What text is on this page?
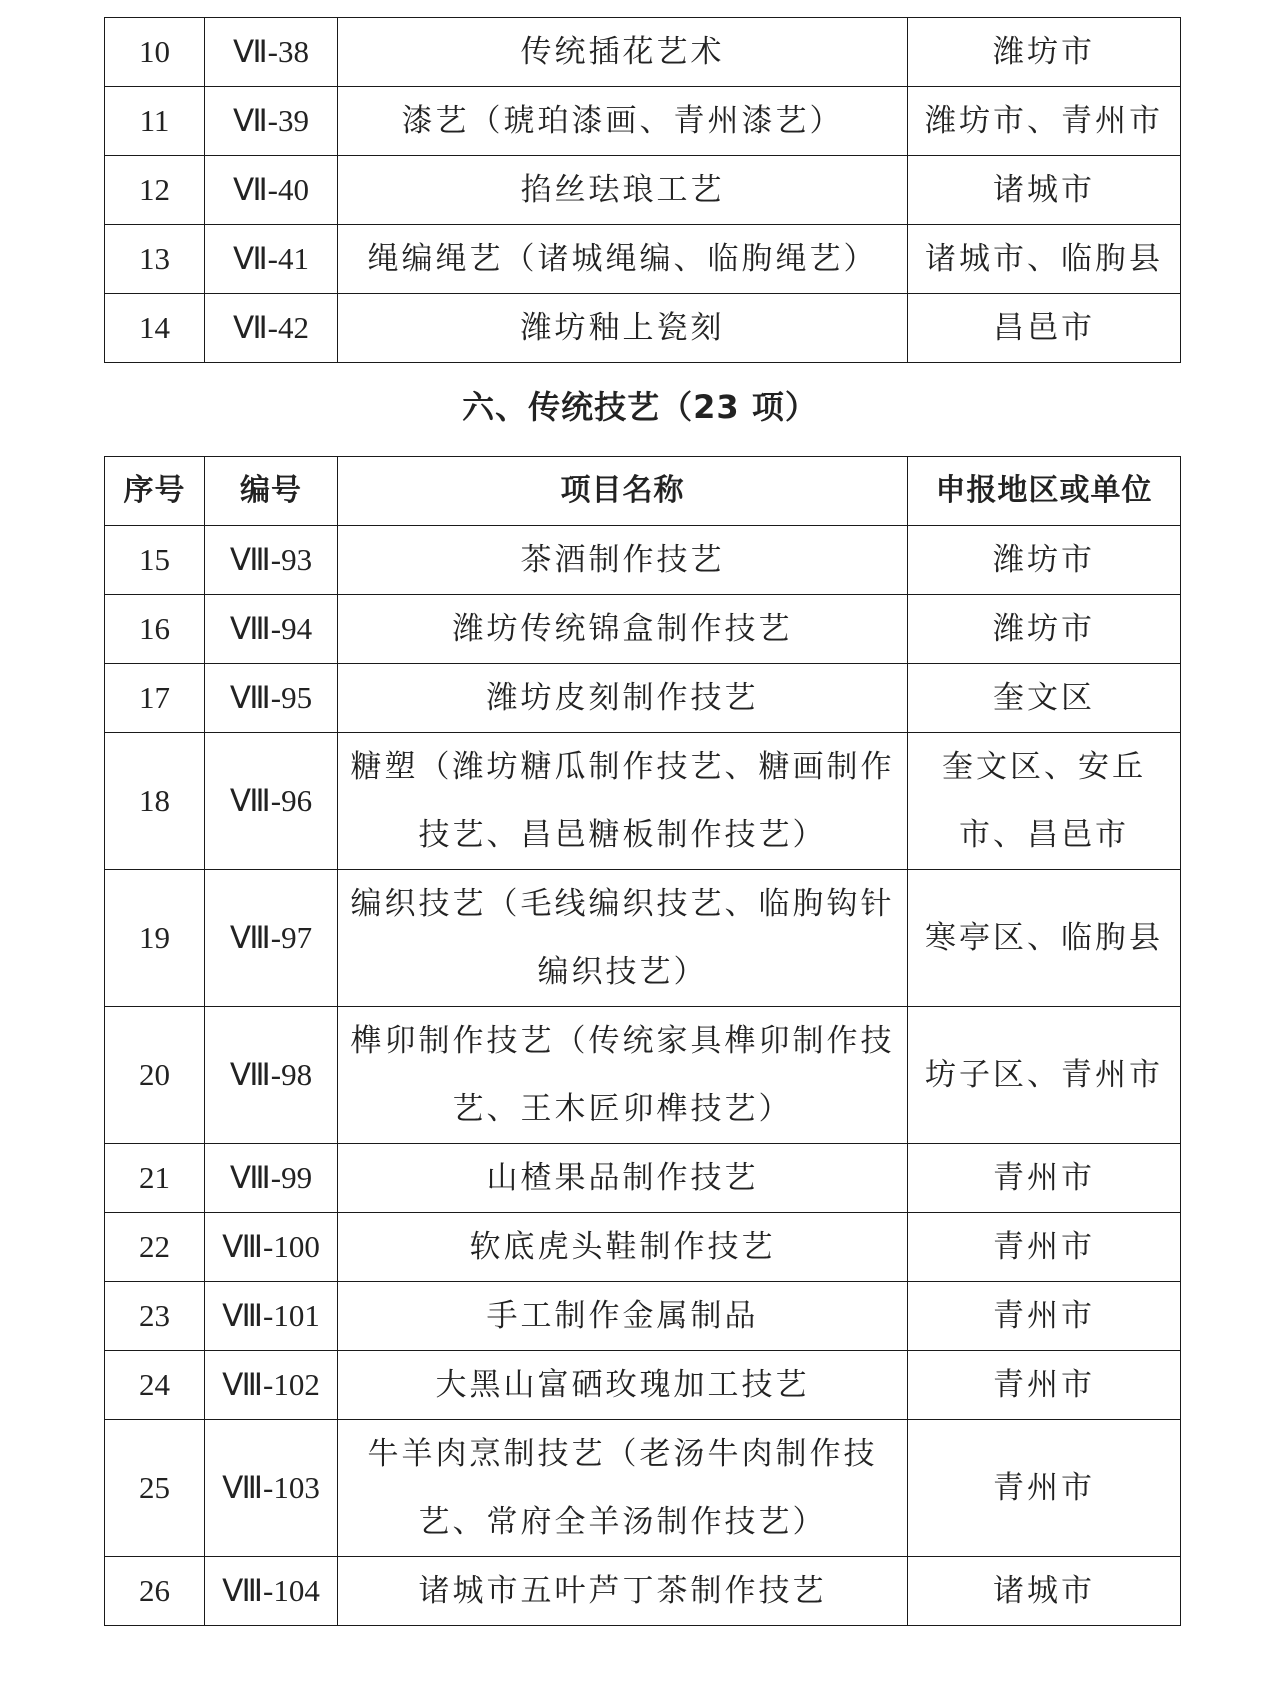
10	Ⅶ-38	传统插花艺术	潍坊市
11	Ⅶ-39	漆艺（琥珀漆画、青州漆艺）	潍坊市、青州市
12	Ⅶ-40	掐丝珐琅工艺	诸城市
13	Ⅶ-41	绳编绳艺（诸城绳编、临朐绳艺）	诸城市、临朐县
14	Ⅶ-42	潍坊釉上瓷刻	昌邑市
六、传统技艺（23 项）
序号	编号	项目名称	申报地区或单位
15	Ⅷ-93	茶酒制作技艺	潍坊市
16	Ⅷ-94	潍坊传统锦盒制作技艺	潍坊市
17	Ⅷ-95	潍坊皮刻制作技艺	奎文区
18	Ⅷ-96	糖塑（潍坊糖瓜制作技艺、糖画制作技艺、昌邑糖板制作技艺）	奎文区、安丘市、昌邑市
19	Ⅷ-97	编织技艺（毛线编织技艺、临朐钩针编织技艺）	寒亭区、临朐县
20	Ⅷ-98	榫卯制作技艺（传统家具榫卯制作技艺、王木匠卯榫技艺）	坊子区、青州市
21	Ⅷ-99	山楂果品制作技艺	青州市
22	Ⅷ-100	软底虎头鞋制作技艺	青州市
23	Ⅷ-101	手工制作金属制品	青州市
24	Ⅷ-102	大黑山富硒玫瑰加工技艺	青州市
25	Ⅷ-103	牛羊肉烹制技艺（老汤牛肉制作技艺、常府全羊汤制作技艺）	青州市
26	Ⅷ-104	诸城市五叶芦丁茶制作技艺	诸城市
